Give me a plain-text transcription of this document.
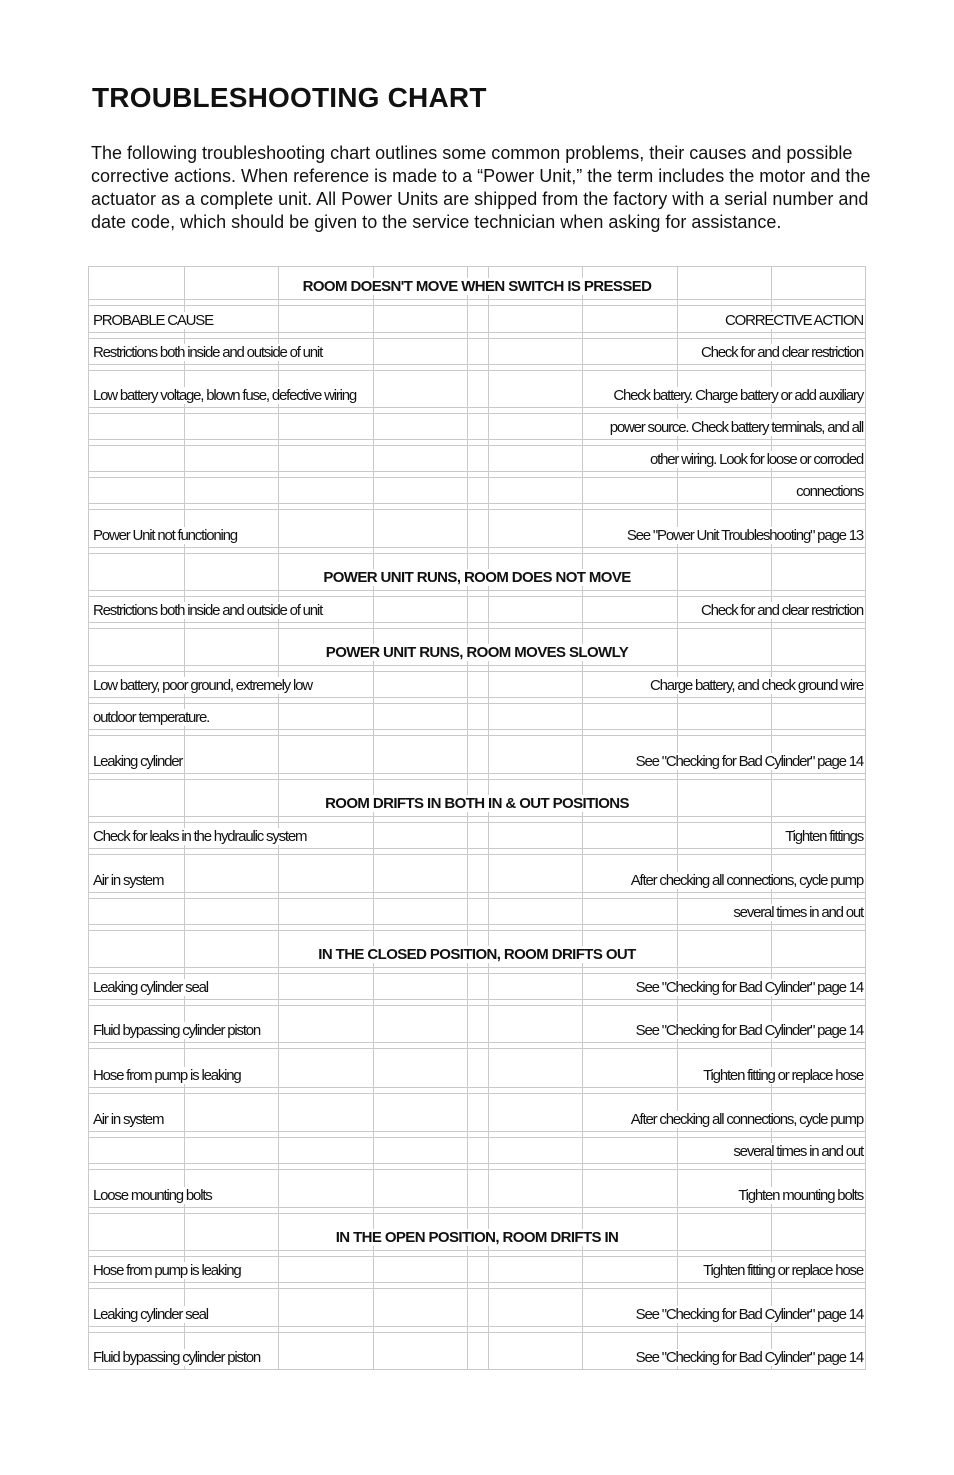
TROUBLESHOOTING CHART

The following troubleshooting chart outlines some common problems, their causes and possible corrective actions. When reference is made to a “Power Unit,” the term includes the motor and the actuator as a complete unit. All Power Units are shipped from the factory with a serial number and date code, which should be given to the service technician when asking for assistance.

ROOM DOESN'T MOVE WHEN SWITCH IS PRESSED
PROBABLE CAUSE	CORRECTIVE ACTION
Restrictions both inside and outside of unit	Check for and clear restriction
Low battery voltage, blown fuse, defective wiring	Check battery. Charge battery or add auxiliary
power source. Check battery terminals, and all
other wiring. Look for loose or corroded
connections
Power Unit not functioning	See "Power Unit Troubleshooting" page 13
POWER UNIT RUNS, ROOM DOES NOT MOVE
Restrictions both inside and outside of unit	Check for and clear restriction
POWER UNIT RUNS, ROOM MOVES SLOWLY
Low battery, poor ground, extremely low	Charge battery, and check ground wire
outdoor temperature.
Leaking cylinder	See "Checking for Bad Cylinder" page 14
ROOM DRIFTS IN BOTH IN & OUT POSITIONS
Check for leaks in the hydraulic system	Tighten fittings
Air in system	After checking all connections, cycle pump
several times in and out
IN THE CLOSED POSITION, ROOM DRIFTS OUT
Leaking cylinder seal	See "Checking for Bad Cylinder" page 14
Fluid bypassing cylinder piston	See "Checking for Bad Cylinder" page 14
Hose from pump is leaking	Tighten fitting or replace hose
Air in system	After checking all connections, cycle pump
several times in and out
Loose mounting bolts	Tighten mounting bolts
IN THE OPEN POSITION, ROOM DRIFTS IN
Hose from pump is leaking	Tighten fitting or replace hose
Leaking cylinder seal	See "Checking for Bad Cylinder" page 14
Fluid bypassing cylinder piston	See "Checking for Bad Cylinder" page 14
